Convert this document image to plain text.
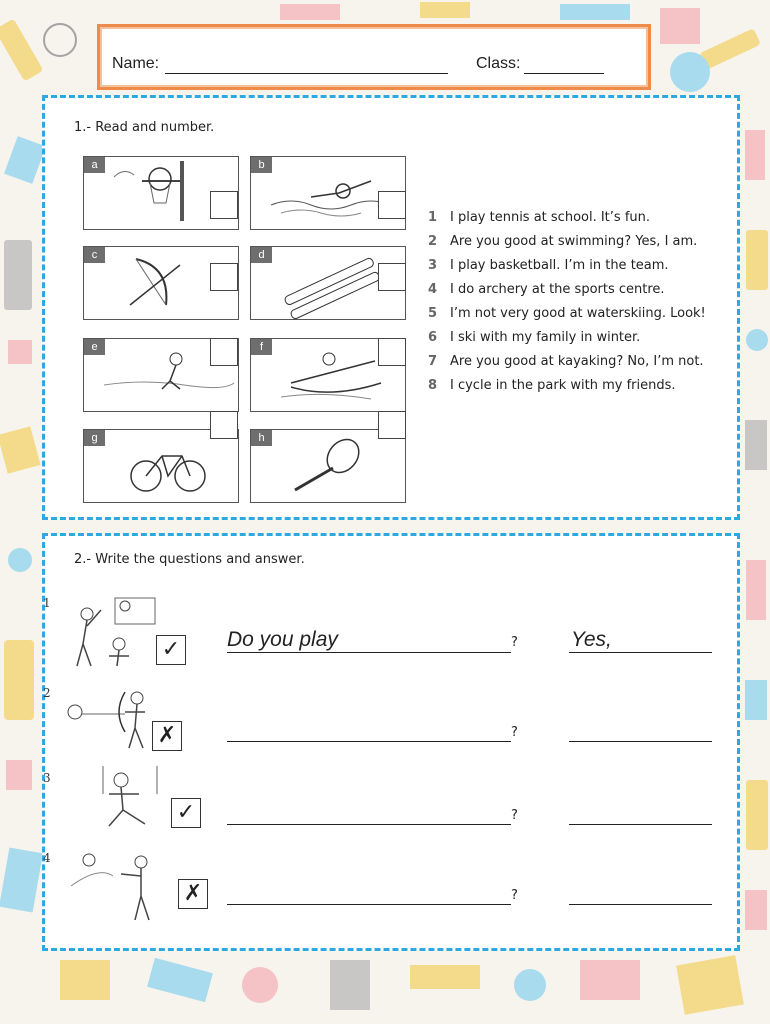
Name:	Class:
1.- Read and number.
a	b
c	d
e	f
g	h
1 I play tennis at school. It’s fun.
2 Are you good at swimming? Yes, I am.
3 I play basketball. I’m in the team.
4 I do archery at the sports centre.
5 I’m not very good at waterskiing. Look!
6 I ski with my family in winter.
7 Are you good at kayaking? No, I’m not.
8 I cycle in the park with my friends.
2.- Write the questions and answer.
1
✓ Do you play	?	Yes,
2
✗	?
3
✓	?
4
✗	?
